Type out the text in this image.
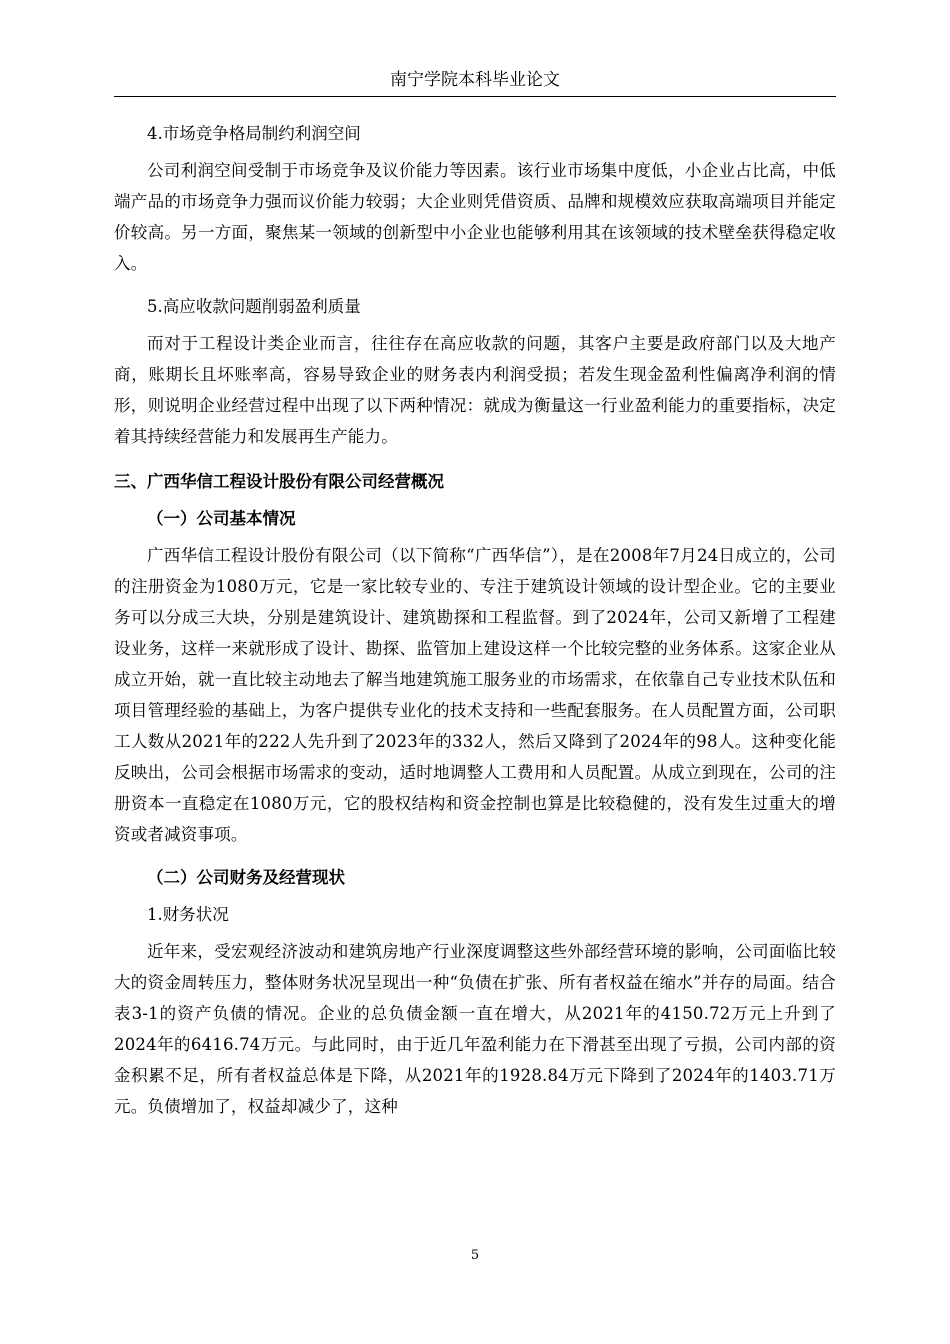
南宁学院本科毕业论文
4.市场竞争格局制约利润空间

公司利润空间受制于市场竞争及议价能力等因素。该行业市场集中度低，小企业占比高，中低端产品的市场竞争力强而议价能力较弱；大企业则凭借资质、品牌和规模效应获取高端项目并能定价较高。另一方面，聚焦某一领域的创新型中小企业也能够利用其在该领域的技术壁垒获得稳定收入。

5.高应收款问题削弱盈利质量

而对于工程设计类企业而言，往往存在高应收款的问题，其客户主要是政府部门以及大地产商，账期长且坏账率高，容易导致企业的财务表内利润受损；若发生现金盈利性偏离净利润的情形，则说明企业经营过程中出现了以下两种情况：就成为衡量这一行业盈利能力的重要指标，决定着其持续经营能力和发展再生产能力。

三、广西华信工程设计股份有限公司经营概况
（一）公司基本情况

广西华信工程设计股份有限公司（以下简称“广西华信”），是在2008年7月24日成立的，公司的注册资金为1080万元，它是一家比较专业的、专注于建筑设计领域的设计型企业。它的主要业务可以分成三大块，分别是建筑设计、建筑勘探和工程监督。到了2024年，公司又新增了工程建设业务，这样一来就形成了设计、勘探、监管加上建设这样一个比较完整的业务体系。这家企业从成立开始，就一直比较主动地去了解当地建筑施工服务业的市场需求，在依靠自己专业技术队伍和项目管理经验的基础上，为客户提供专业化的技术支持和一些配套服务。在人员配置方面，公司职工人数从2021年的222人先升到了2023年的332人，然后又降到了2024年的98人。这种变化能反映出，公司会根据市场需求的变动，适时地调整人工费用和人员配置。从成立到现在，公司的注册资本一直稳定在1080万元，它的股权结构和资金控制也算是比较稳健的，没有发生过重大的增资或者减资事项。

（二）公司财务及经营现状
1.财务状况

近年来，受宏观经济波动和建筑房地产行业深度调整这些外部经营环境的影响，公司面临比较大的资金周转压力，整体财务状况呈现出一种“负债在扩张、所有者权益在缩水”并存的局面。结合表3-1的资产负债的情况。企业的总负债金额一直在增大，从2021年的4150.72万元上升到了2024年的6416.74万元。与此同时，由于近几年盈利能力在下滑甚至出现了亏损，公司内部的资金积累不足，所有者权益总体是下降，从2021年的1928.84万元下降到了2024年的1403.71万元。负债增加了，权益却减少了，这种

5
